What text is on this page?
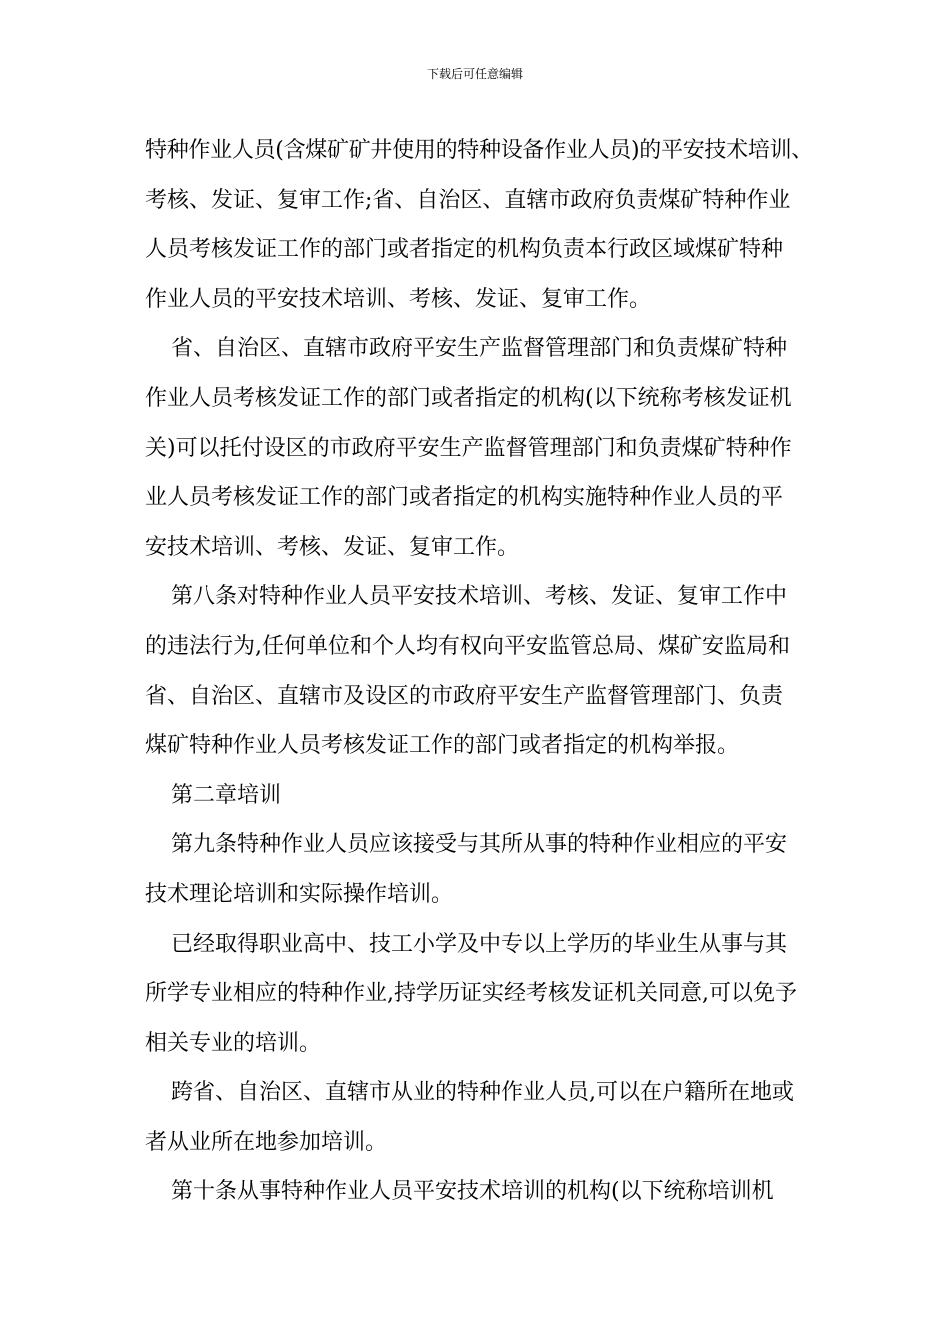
下载后可任意编辑
特种作业人员(含煤矿矿井使用的特种设备作业人员)的平安技术培训、
考核、发证、复审工作;省、自治区、直辖市政府负责煤矿特种作业
人员考核发证工作的部门或者指定的机构负责本行政区域煤矿特种
作业人员的平安技术培训、考核、发证、复审工作。
省、自治区、直辖市政府平安生产监督管理部门和负责煤矿特种
作业人员考核发证工作的部门或者指定的机构(以下统称考核发证机
关)可以托付设区的市政府平安生产监督管理部门和负责煤矿特种作
业人员考核发证工作的部门或者指定的机构实施特种作业人员的平
安技术培训、考核、发证、复审工作。
第八条对特种作业人员平安技术培训、考核、发证、复审工作中
的违法行为,任何单位和个人均有权向平安监管总局、煤矿安监局和
省、自治区、直辖市及设区的市政府平安生产监督管理部门、负责
煤矿特种作业人员考核发证工作的部门或者指定的机构举报。
第二章培训
第九条特种作业人员应该接受与其所从事的特种作业相应的平安
技术理论培训和实际操作培训。
已经取得职业高中、技工小学及中专以上学历的毕业生从事与其
所学专业相应的特种作业,持学历证实经考核发证机关同意,可以免予
相关专业的培训。
跨省、自治区、直辖市从业的特种作业人员,可以在户籍所在地或
者从业所在地参加培训。
第十条从事特种作业人员平安技术培训的机构(以下统称培训机
